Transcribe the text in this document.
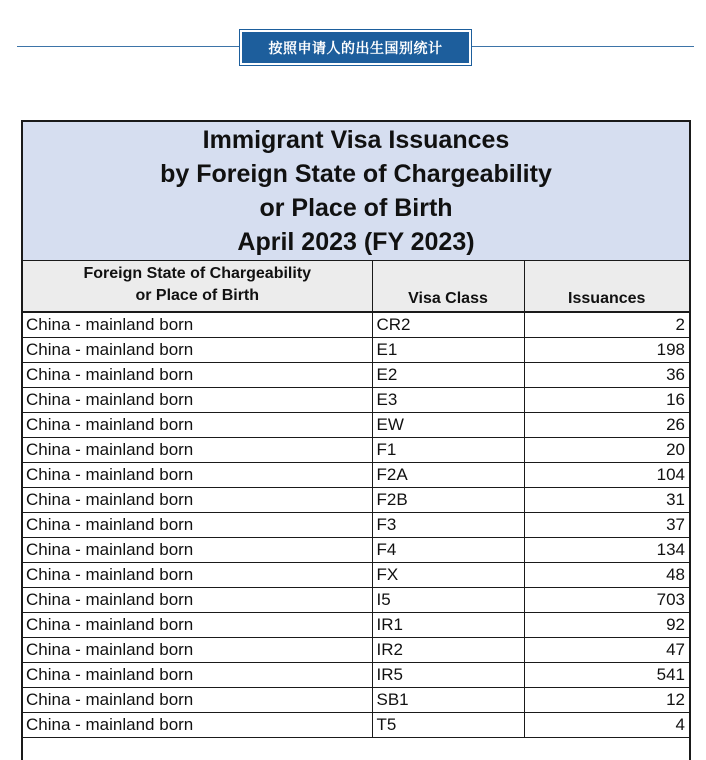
按照申请人的出生国别统计
Immigrant Visa Issuances
by Foreign State of Chargeability
or Place of Birth
April 2023 (FY 2023)
Foreign State of Chargeability
or Place of Birth	Visa Class	Issuances
China - mainland born	CR2	2
China - mainland born	E1	198
China - mainland born	E2	36
China - mainland born	E3	16
China - mainland born	EW	26
China - mainland born	F1	20
China - mainland born	F2A	104
China - mainland born	F2B	31
China - mainland born	F3	37
China - mainland born	F4	134
China - mainland born	FX	48
China - mainland born	I5	703
China - mainland born	IR1	92
China - mainland born	IR2	47
China - mainland born	IR5	541
China - mainland born	SB1	12
China - mainland born	T5	4
